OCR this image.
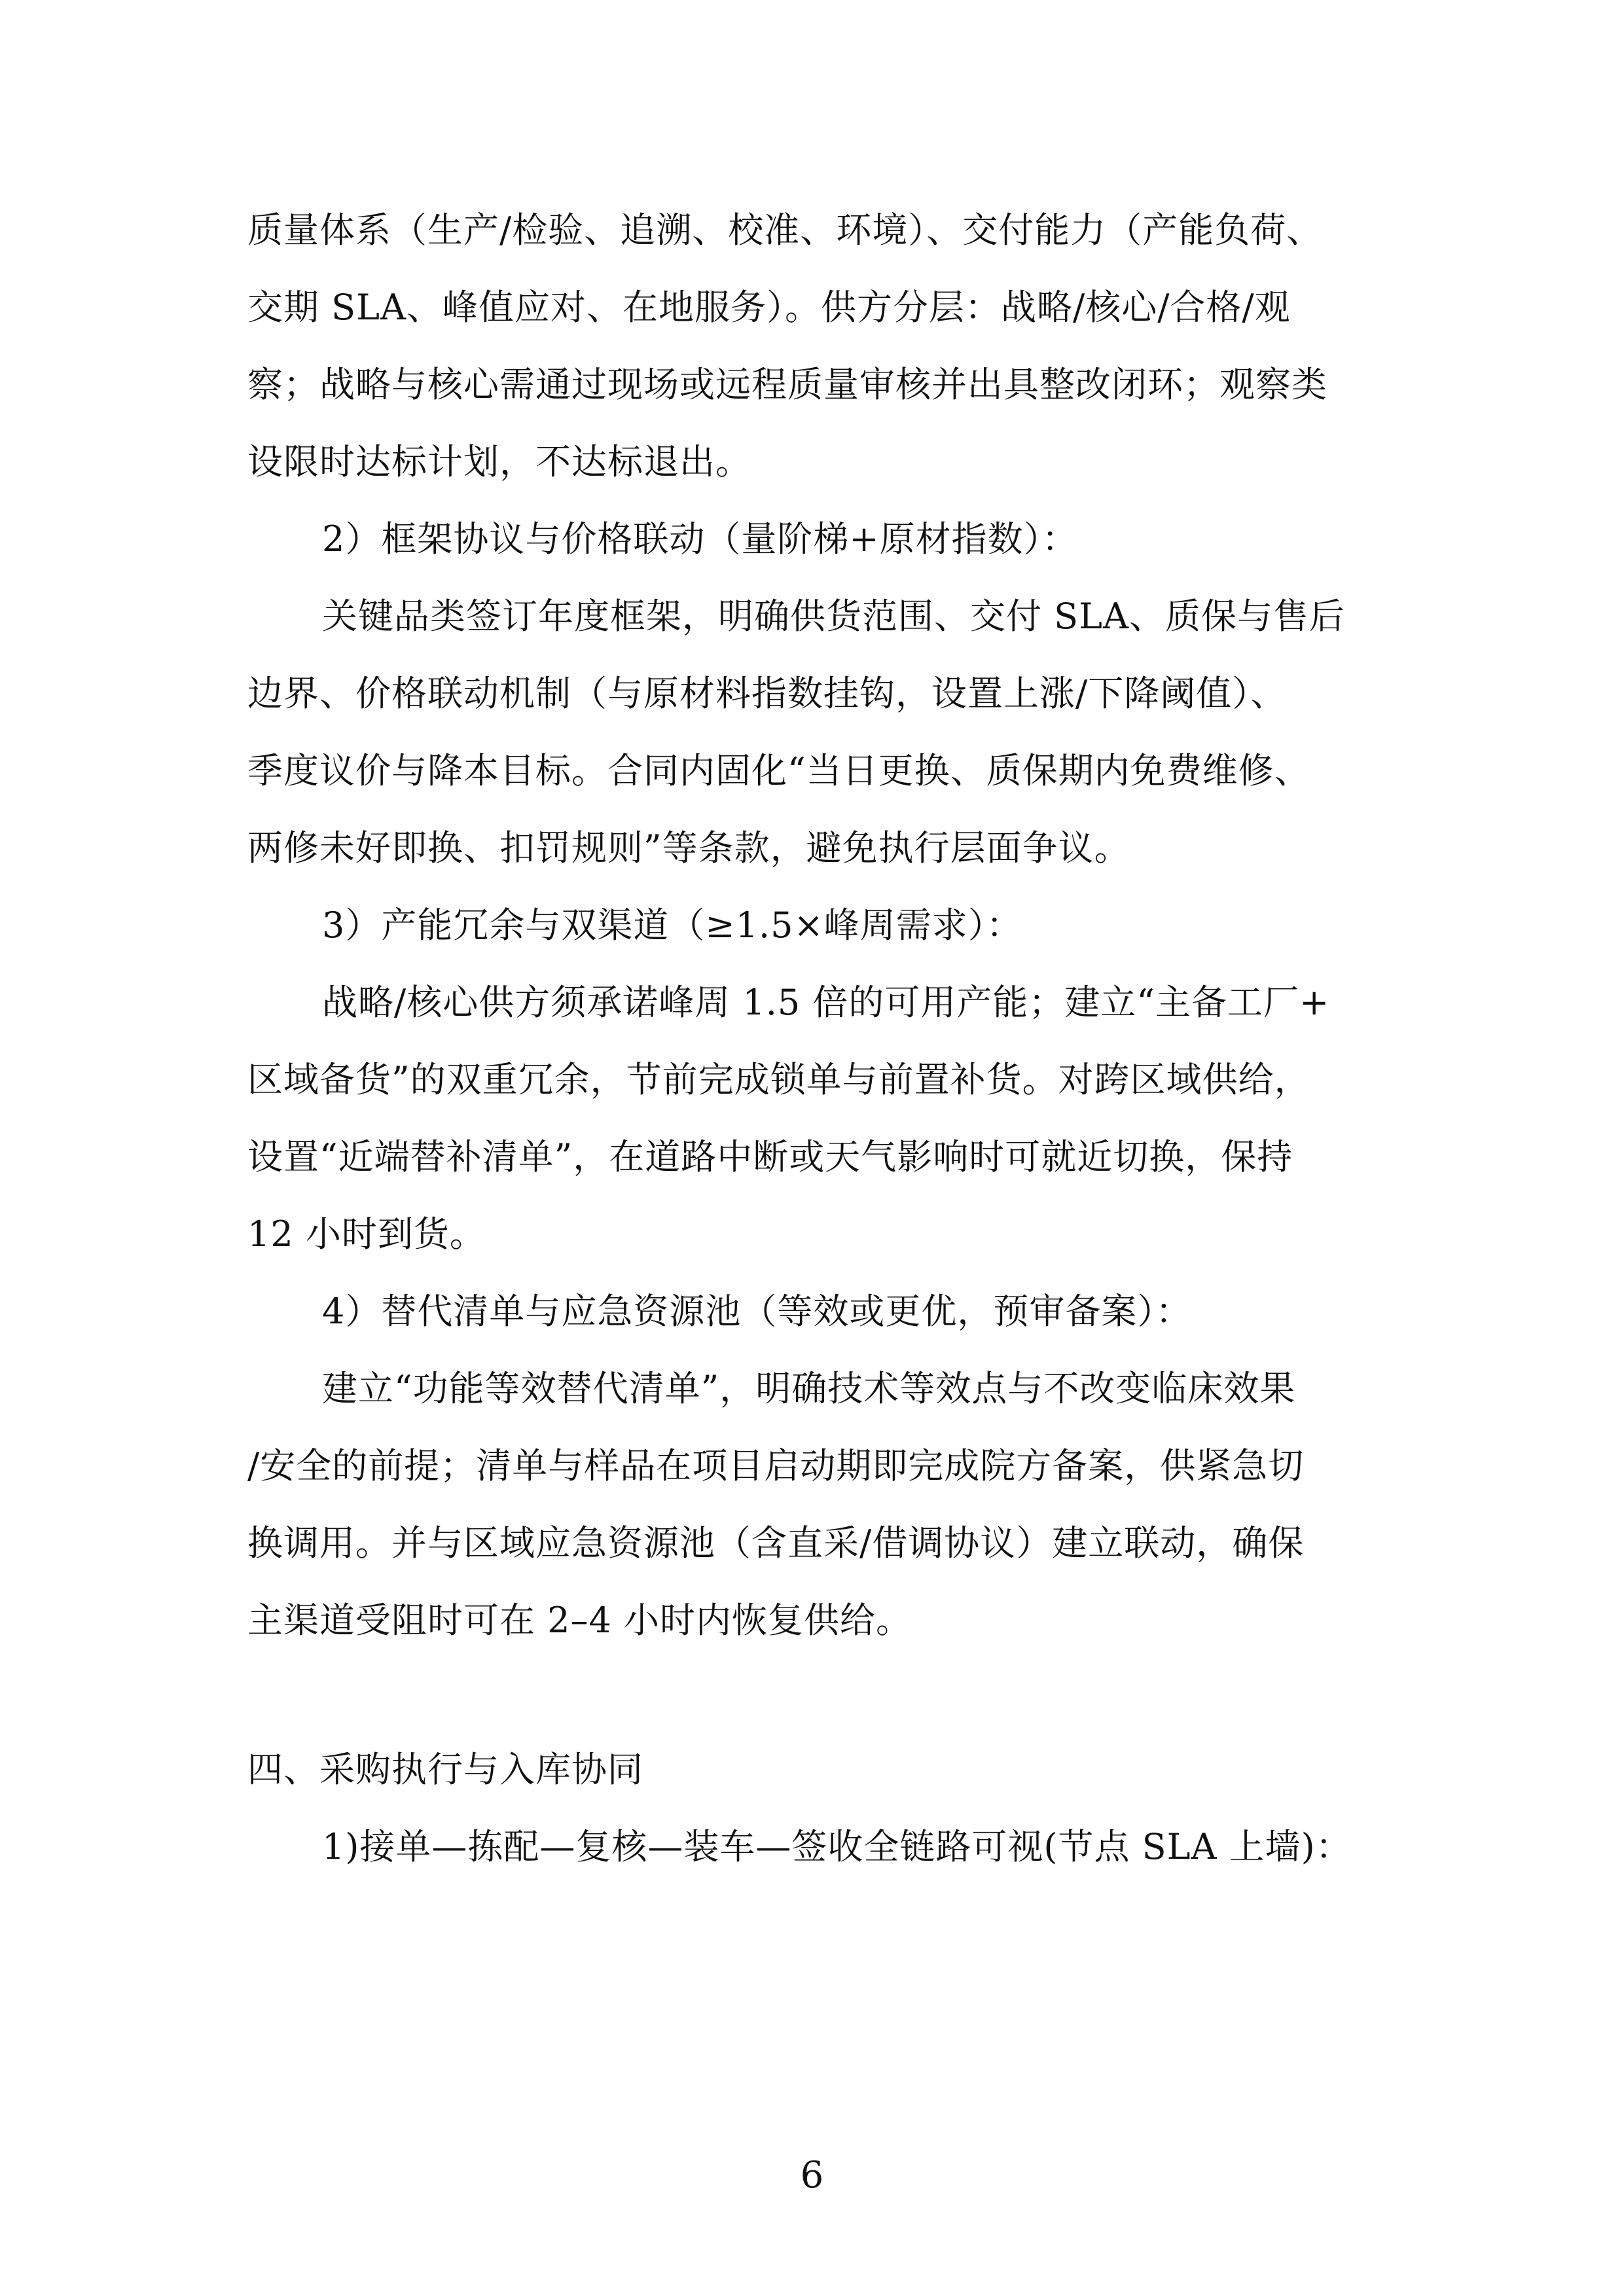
质量体系（生产/检验、追溯、校准、环境）、交付能力（产能负荷、
交期 SLA、峰值应对、在地服务）。供方分层：战略/核心/合格/观
察；战略与核心需通过现场或远程质量审核并出具整改闭环；观察类
设限时达标计划，不达标退出。
2）框架协议与价格联动（量阶梯+原材指数）：
关键品类签订年度框架，明确供货范围、交付 SLA、质保与售后
边界、价格联动机制（与原材料指数挂钩，设置上涨/下降阈值）、
季度议价与降本目标。合同内固化“当日更换、质保期内免费维修、
两修未好即换、扣罚规则”等条款，避免执行层面争议。
3）产能冗余与双渠道（≥1.5×峰周需求）：
战略/核心供方须承诺峰周 1.5 倍的可用产能；建立“主备工厂+
区域备货”的双重冗余，节前完成锁单与前置补货。对跨区域供给，
设置“近端替补清单”，在道路中断或天气影响时可就近切换，保持
12 小时到货。
4）替代清单与应急资源池（等效或更优，预审备案）：
建立“功能等效替代清单”，明确技术等效点与不改变临床效果
/安全的前提；清单与样品在项目启动期即完成院方备案，供紧急切
换调用。并与区域应急资源池（含直采/借调协议）建立联动，确保
主渠道受阻时可在 2–4 小时内恢复供给。
四、采购执行与入库协同
1)接单—拣配—复核—装车—签收全链路可视(节点 SLA 上墙)：
6
